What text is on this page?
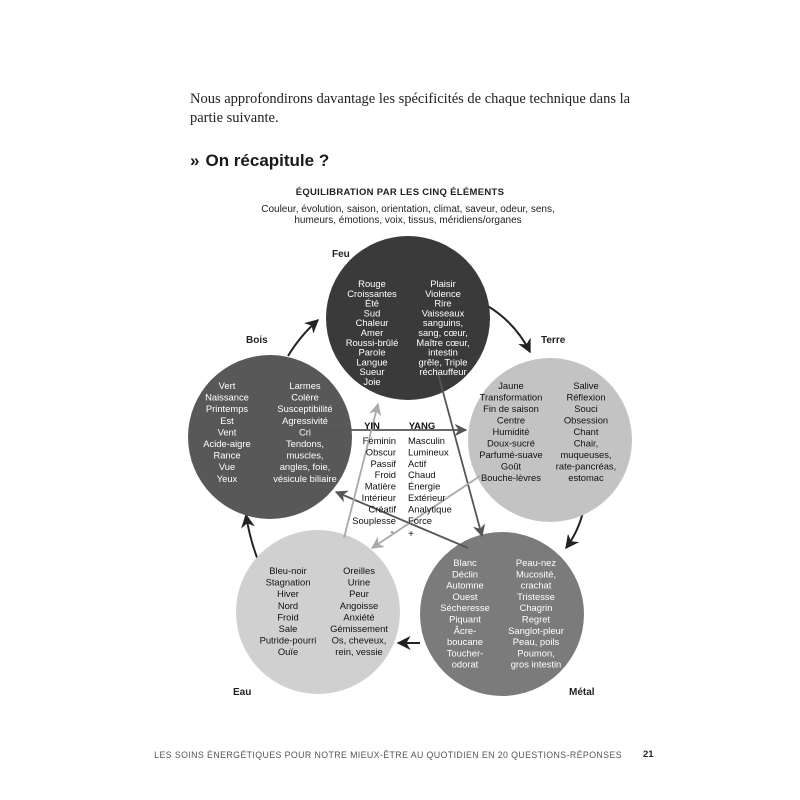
Nous approfondirons davantage les spécificités de chaque technique dans la partie suivante.

» On récapitule ?
ÉQUILIBRATION PAR LES CINQ ÉLÉMENTS
Couleur, évolution, saison, orientation, climat, saveur, odeur, sens, humeurs, émotions, voix, tissus, méridiens/organes
Feu
Terre
Métal
Eau
Bois
Rouge
Croissantes
Été
Sud
Chaleur
Amer
Roussi-brûlé
Parole
Langue
Sueur
Joie
Plaisir
Violence
Rire
Vaisseaux
sanguins,
sang, cœur,
Maître cœur,
intestin
grêle, Triple
réchauffeur
Jaune
Transformation
Fin de saison
Centre
Humidité
Doux-sucré
Parfumé-suave
Goût
Bouche-lèvres
Salive
Réflexion
Souci
Obsession
Chant
Chair,
muqueuses,
rate-pancréas,
estomac
Blanc
Déclin
Automne
Ouest
Sécheresse
Piquant
Âcre-
boucane
Toucher-
odorat
Peau-nez
Mucosité,
crachat
Tristesse
Chagrin
Regret
Sanglot-pleur
Peau, poils
Poumon,
gros intestin
Bleu-noir
Stagnation
Hiver
Nord
Froid
Sale
Putride-pourri
Ouïe
Oreilles
Urine
Peur
Angoisse
Anxiété
Gémissement
Os, cheveux,
rein, vessie
Vert
Naissance
Printemps
Est
Vent
Acide-aigre
Rance
Vue
Yeux
Larmes
Colère
Susceptibilité
Agressivité
Cri
Tendons,
muscles,
angles, foie,
vésicule biliaire
YIN	YANG
Féminin
Obscur
Passif
Froid
Matière
Intérieur
Créatif
Souplesse
Masculin
Lumineux
Actif
Chaud
Énergie
Extérieur
Analytique
Force
- +
LES SOINS ÉNERGÉTIQUES POUR NOTRE MIEUX-ÊTRE AU QUOTIDIEN EN 20 QUESTIONS-RÉPONSES 21
